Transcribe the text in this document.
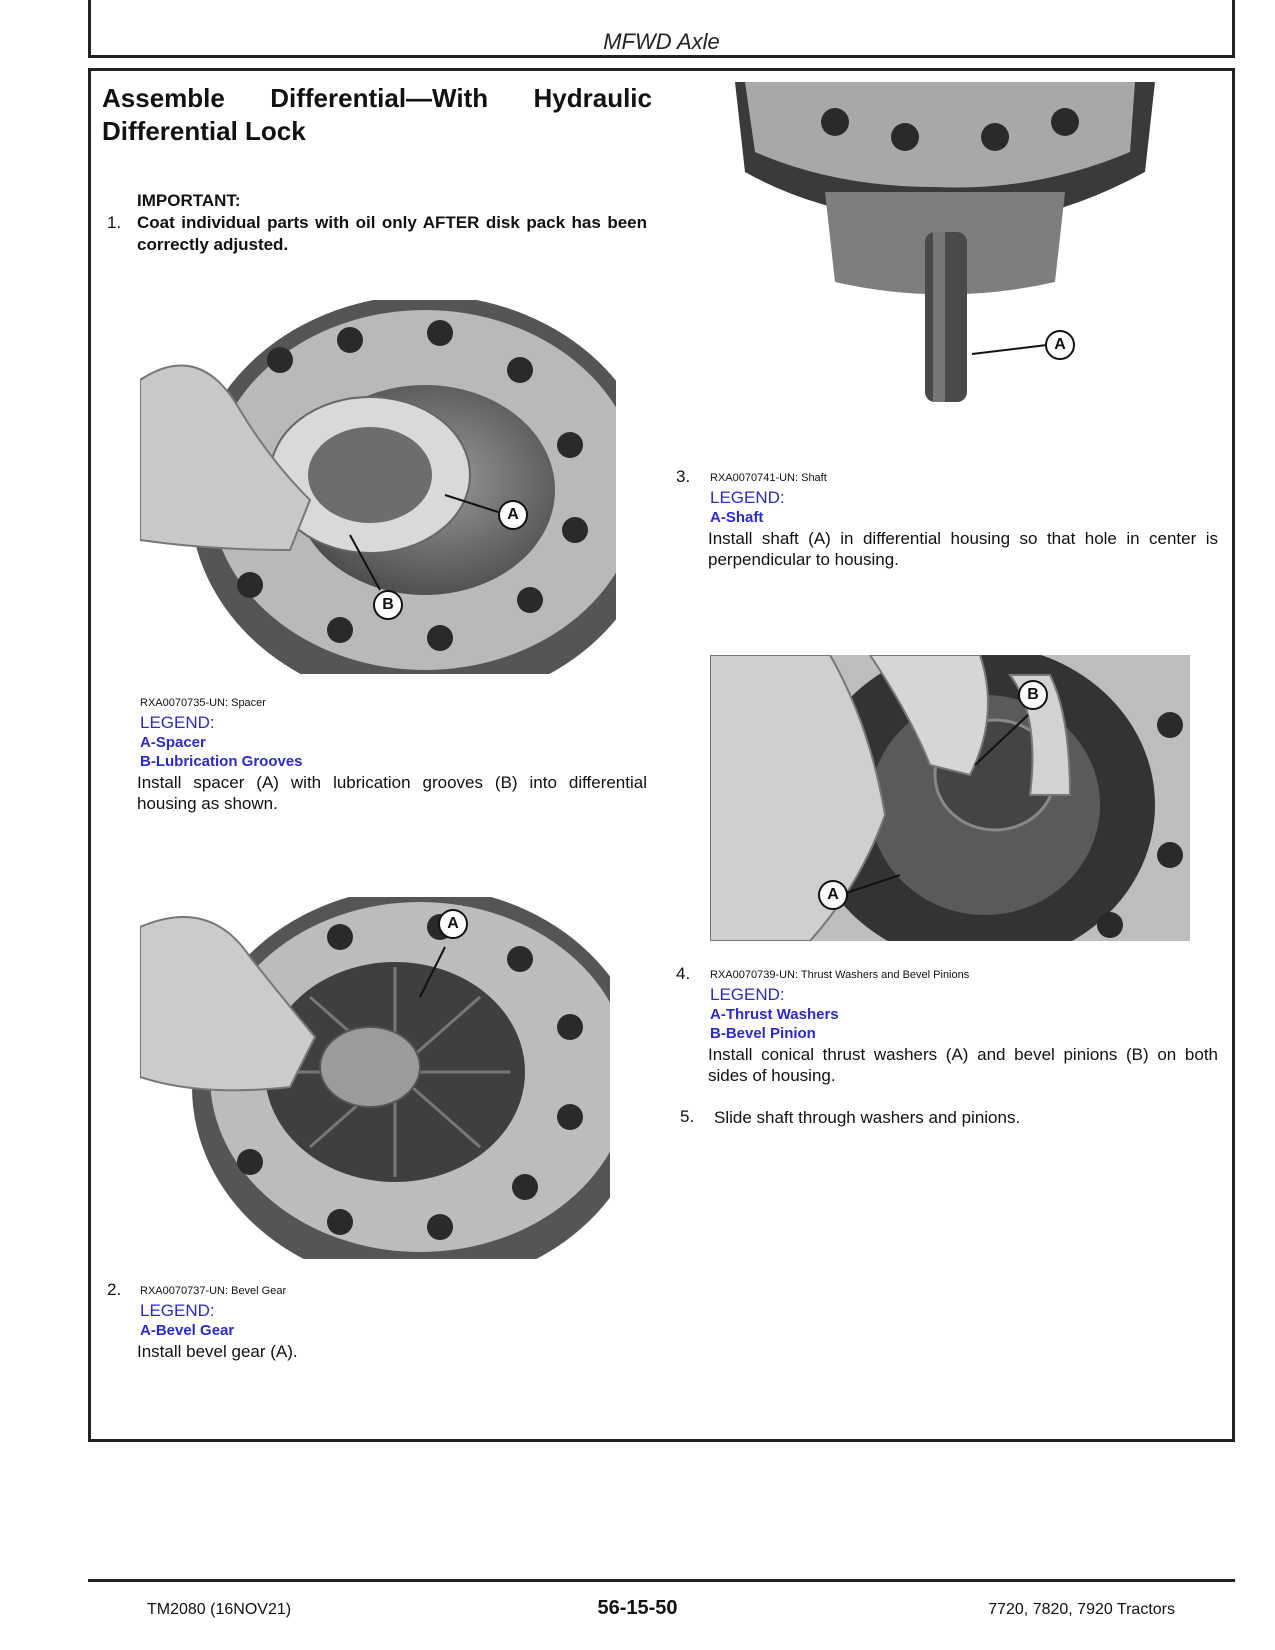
MFWD Axle
Assemble Differential—With Hydraulic Differential Lock
IMPORTANT:
1. Coat individual parts with oil only AFTER disk pack has been correctly adjusted.
A
B
RXA0070735-UN: Spacer
LEGEND:
A-Spacer
B-Lubrication Grooves
Install spacer (A) with lubrication grooves (B) into differential housing as shown.
A
2. RXA0070737-UN: Bevel Gear
LEGEND:
A-Bevel Gear
Install bevel gear (A).
A
3. RXA0070741-UN: Shaft
LEGEND:
A-Shaft
Install shaft (A) in differential housing so that hole in center is perpendicular to housing.
B
A
4. RXA0070739-UN: Thrust Washers and Bevel Pinions
LEGEND:
A-Thrust Washers
B-Bevel Pinion
Install conical thrust washers (A) and bevel pinions (B) on both sides of housing.
5. Slide shaft through washers and pinions.
TM2080 (16NOV21)	56-15-50	7720, 7820, 7920 Tractors
